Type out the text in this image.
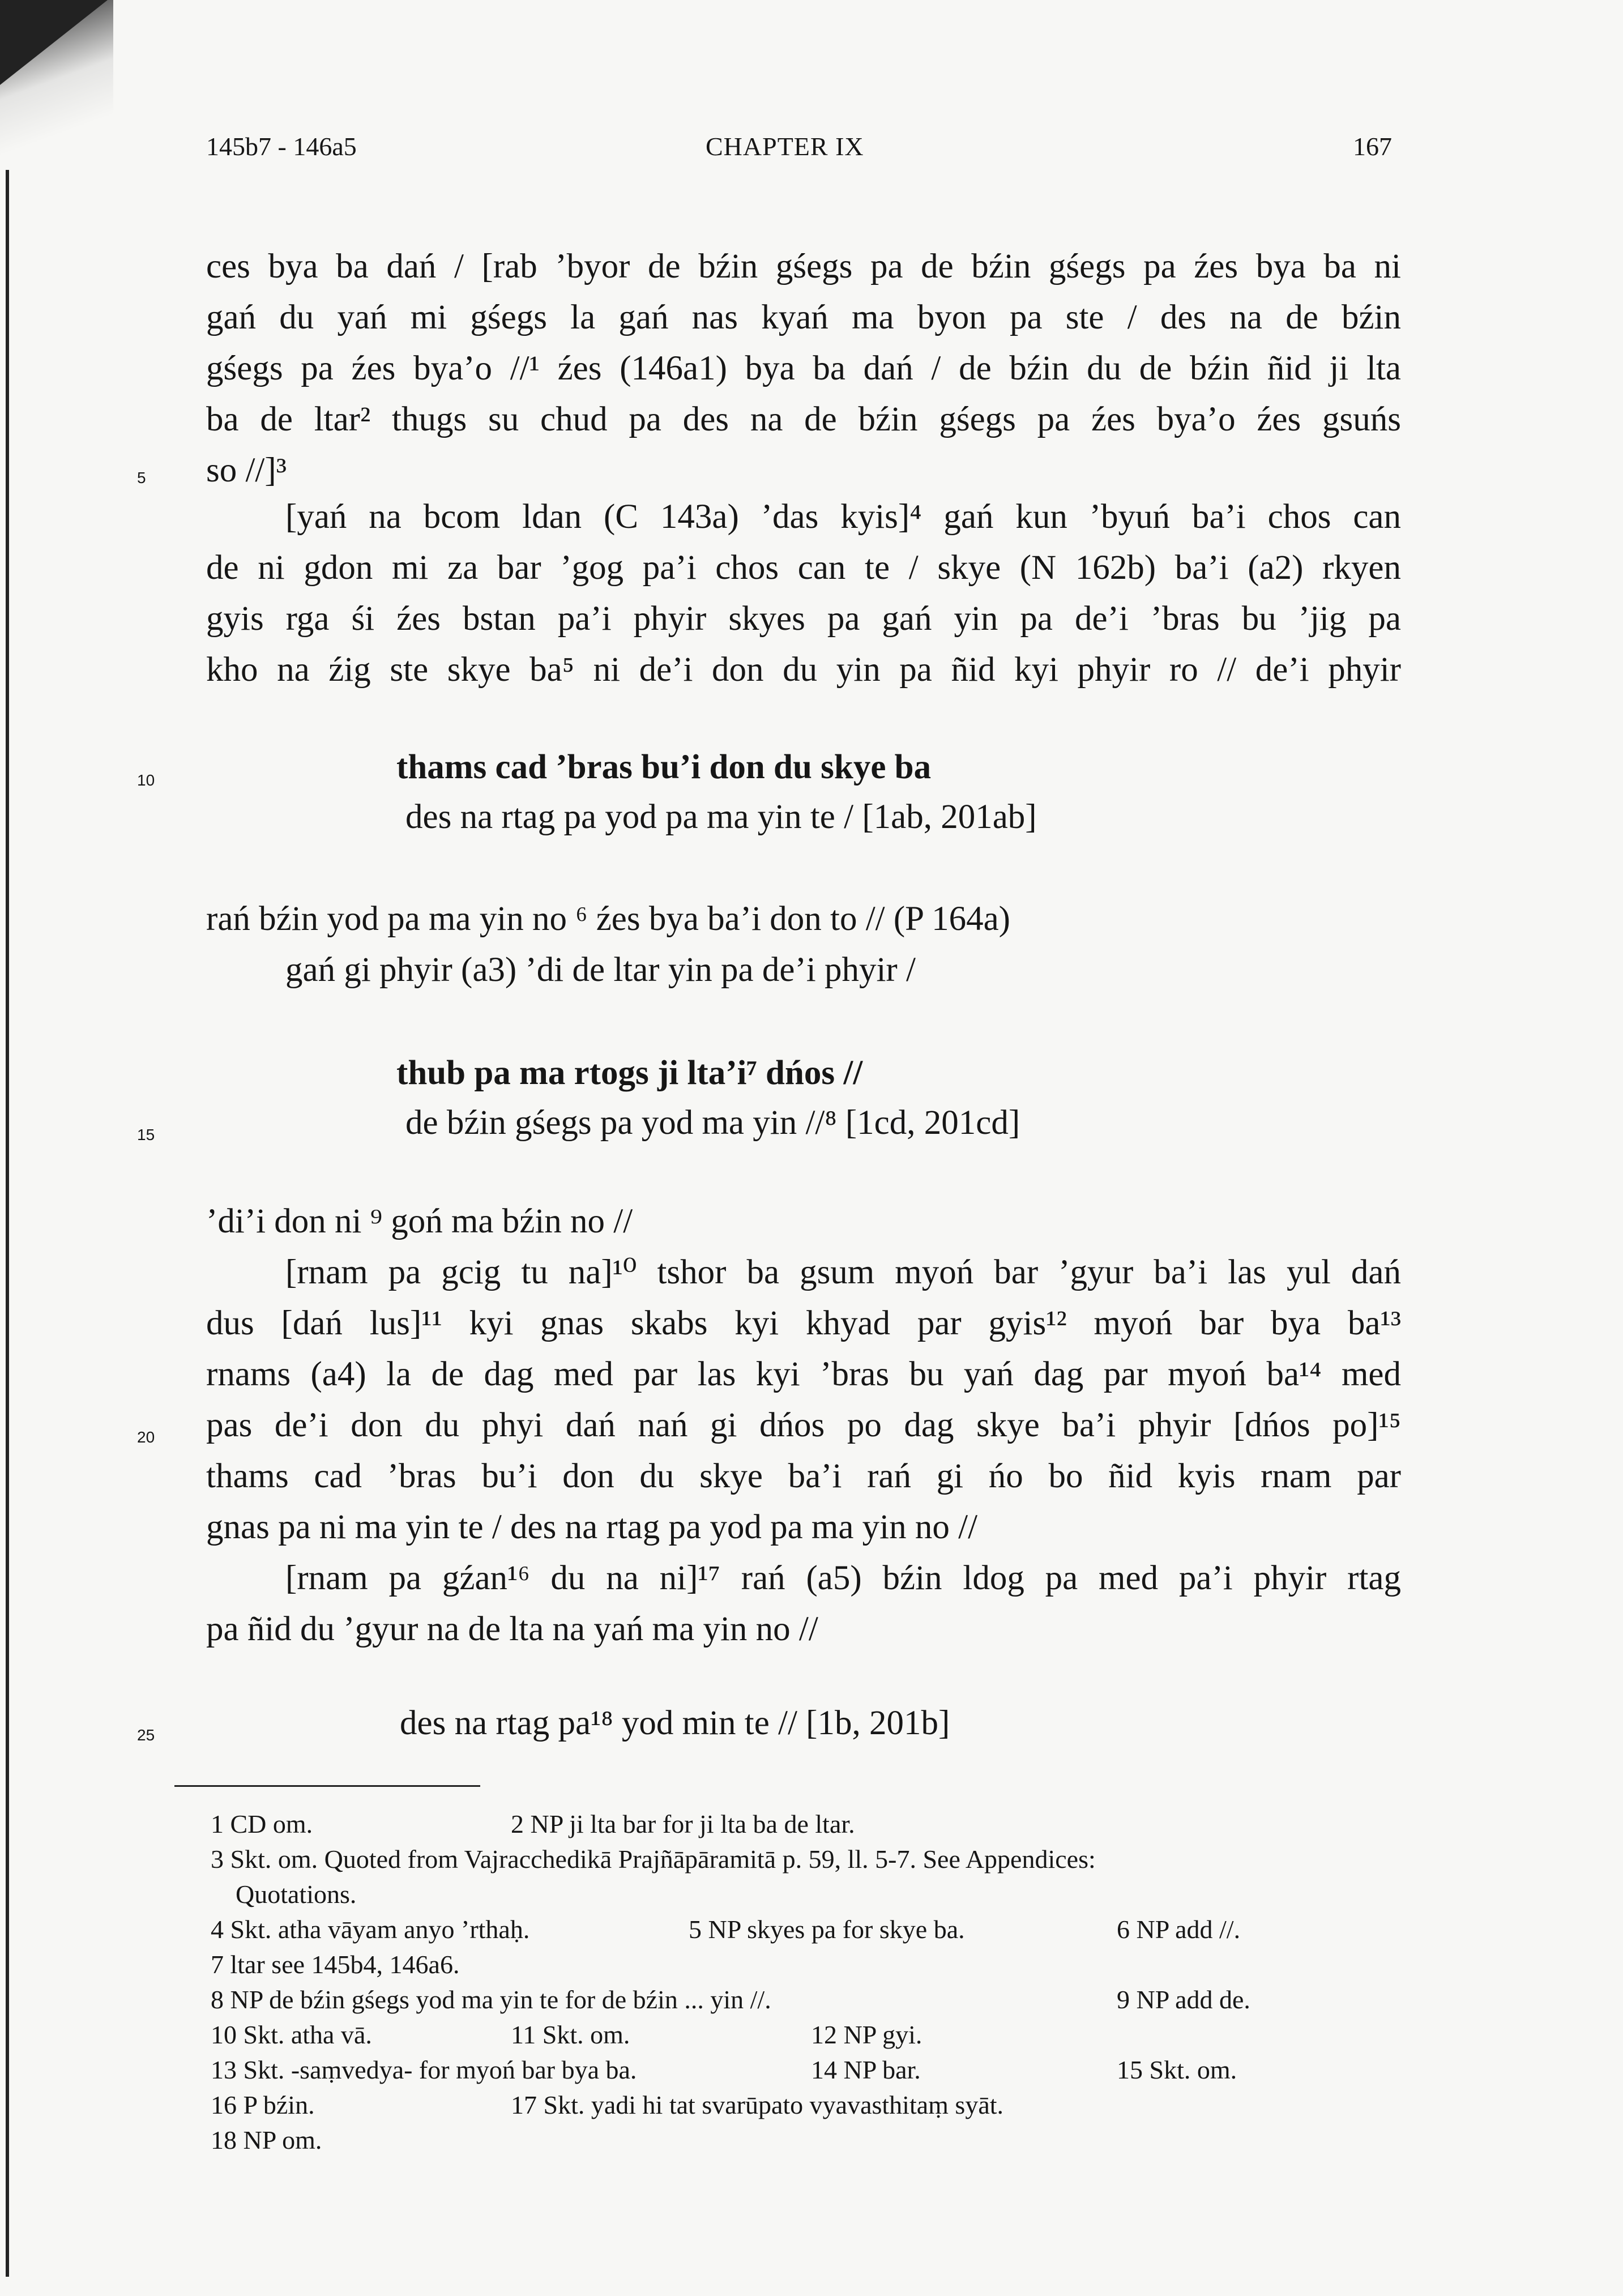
145b7 - 146a5	CHAPTER IX	167
5
10
15
20
25
ces bya ba dań / [rab ’byor de bźin gśegs pa de bźin gśegs pa źes bya ba ni
gań du yań mi gśegs la gań nas kyań ma byon pa ste / des na de bźin
gśegs pa źes bya’o //¹ źes (146a1) bya ba dań / de bźin du de bźin ñid ji lta
ba de ltar² thugs su chud pa des na de bźin gśegs pa źes bya’o źes gsuńs
so //]³
[yań na bcom ldan (C 143a) ’das kyis]⁴ gań kun ’byuń ba’i chos can
de ni gdon mi za bar ’gog pa’i chos can te / skye (N 162b) ba’i (a2) rkyen
gyis rga śi źes bstan pa’i phyir skyes pa gań yin pa de’i ’bras bu ’jig pa
kho na źig ste skye ba⁵ ni de’i don du yin pa ñid kyi phyir ro // de’i phyir
thams cad ’bras bu’i don du skye ba
des na rtag pa yod pa ma yin te / [1ab, 201ab]
rań bźin yod pa ma yin no ⁶ źes bya ba’i don to // (P 164a)
gań gi phyir (a3) ’di de ltar yin pa de’i phyir /
thub pa ma rtogs ji lta’i⁷ dńos //
de bźin gśegs pa yod ma yin //⁸ [1cd, 201cd]
’di’i don ni ⁹ goń ma bźin no //
[rnam pa gcig tu na]¹⁰ tshor ba gsum myoń bar ’gyur ba’i las yul dań
dus [dań lus]¹¹ kyi gnas skabs kyi khyad par gyis¹² myoń bar bya ba¹³
rnams (a4) la de dag med par las kyi ’bras bu yań dag par myoń ba¹⁴ med
pas de’i don du phyi dań nań gi dńos po dag skye ba’i phyir [dńos po]¹⁵
thams cad ’bras bu’i don du skye ba’i rań gi ńo bo ñid kyis rnam par
gnas pa ni ma yin te / des na rtag pa yod pa ma yin no //
[rnam pa gźan¹⁶ du na ni]¹⁷ rań (a5) bźin ldog pa med pa’i phyir rtag
pa ñid du ’gyur na de lta na yań ma yin no //
des na rtag pa¹⁸ yod min te // [1b, 201b]
1 CD om.	2 NP ji lta bar for ji lta ba de ltar.
3 Skt. om. Quoted from Vajracchedikā Prajñāpāramitā p. 59, ll. 5-7. See Appendices:
Quotations.
4 Skt. atha vāyam anyo ’rthaḥ.	5 NP skyes pa for skye ba.	6 NP add //.
7 ltar see 145b4, 146a6.
8 NP de bźin gśegs yod ma yin te for de bźin ... yin //.	9 NP add de.
10 Skt. atha vā.	11 Skt. om.	12 NP gyi.
13 Skt. -saṃvedya- for myoń bar bya ba.	14 NP bar.	15 Skt. om.
16 P bźin.	17 Skt. yadi hi tat svarūpato vyavasthitaṃ syāt.
18 NP om.
